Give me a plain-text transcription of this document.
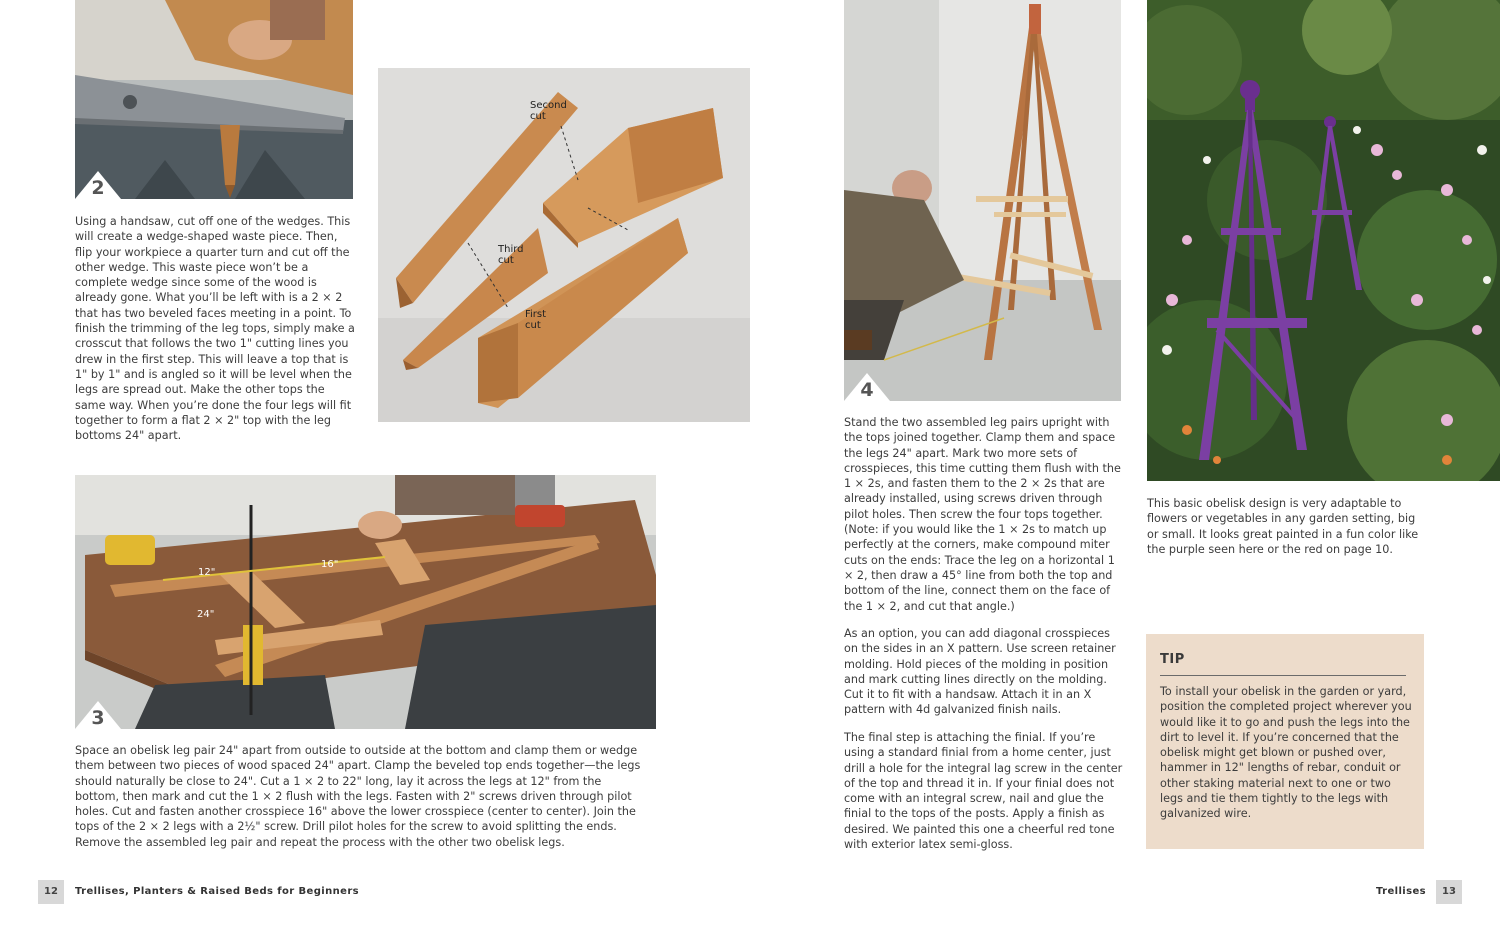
2

Using a handsaw, cut off one of the wedges. This will create a wedge-shaped waste piece. Then, flip your workpiece a quarter turn and cut off the other wedge. This waste piece won’t be a complete wedge since some of the wood is already gone. What you’ll be left with is a 2 × 2 that has two beveled faces meeting in a point. To finish the trimming of the leg tops, simply make a crosscut that follows the two 1" cutting lines you drew in the first step. This will leave a top that is 1" by 1" and is angled so it will be level when the legs are spread out. Make the other tops the same way. When you’re done the four legs will fit together to form a flat 2 × 2" top with the leg bottoms 24" apart.

Second
cut
Third
cut
First
cut
12"
16"
24"
3

Space an obelisk leg pair 24" apart from outside to outside at the bottom and clamp them or wedge them between two pieces of wood spaced 24" apart. Clamp the beveled top ends together—the legs should naturally be close to 24". Cut a 1 × 2 to 22" long, lay it across the legs at 12" from the bottom, then mark and cut the 1 × 2 flush with the legs. Fasten with 2" screws driven through pilot holes. Cut and fasten another crosspiece 16" above the lower crosspiece (center to center). Join the tops of the 2 × 2 legs with a 2½" screw. Drill pilot holes for the screw to avoid splitting the ends. Remove the assembled leg pair and repeat the process with the other two obelisk legs.

12	Trellises, Planters & Raised Beds for Beginners
4

Stand the two assembled leg pairs upright with the tops joined together. Clamp them and space the legs 24" apart. Mark two more sets of crosspieces, this time cutting them flush with the 1 × 2s, and fasten them to the 2 × 2s that are already installed, using screws driven through pilot holes. Then screw the four tops together. (Note: if you would like the 1 × 2s to match up perfectly at the corners, make compound miter cuts on the ends: Trace the leg on a horizontal 1 × 2, then draw a 45° line from both the top and bottom of the line, connect them on the face of the 1 × 2, and cut that angle.)

As an option, you can add diagonal crosspieces on the sides in an X pattern. Use screen retainer molding. Hold pieces of the molding in position and mark cutting lines directly on the molding. Cut it to fit with a handsaw. Attach it in an X pattern with 4d galvanized finish nails.

The final step is attaching the finial. If you’re using a standard finial from a home center, just drill a hole for the integral lag screw in the center of the top and thread it in. If your finial does not come with an integral screw, nail and glue the finial to the tops of the posts. Apply a finish as desired. We painted this one a cheerful red tone with exterior latex semi-gloss.

This basic obelisk design is very adaptable to flowers or vegetables in any garden setting, big or small. It looks great painted in a fun color like the purple seen here or the red on page 10.

TIP

To install your obelisk in the garden or yard, position the completed project wherever you would like it to go and push the legs into the dirt to level it. If you’re concerned that the obelisk might get blown or pushed over, hammer in 12" lengths of rebar, conduit or other staking material next to one or two legs and tie them tightly to the legs with galvanized wire.

Trellises	13
